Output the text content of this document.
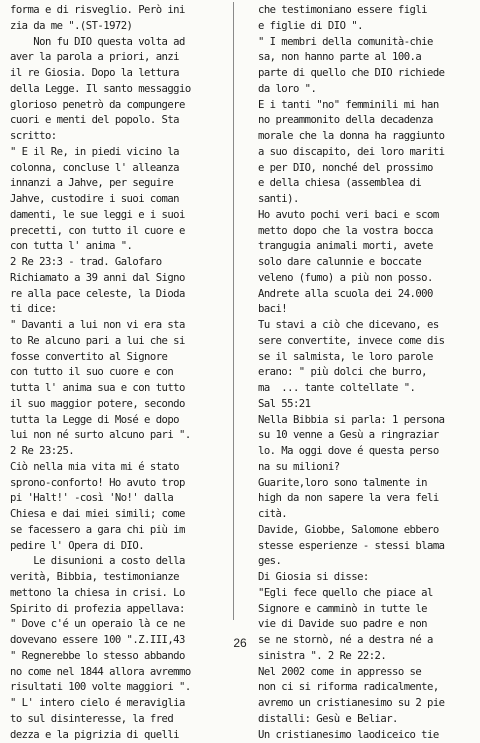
forma e di risveglio. Però ini
zia da me ".(ST-1972)
Non fu DIO questa volta ad
aver la parola a priori, anzi
il re Giosia. Dopo la lettura
della Legge. Il santo messaggio
glorioso penetrò da compungere
cuori e menti del popolo. Sta
scritto:
" E il Re, in piedi vicino la
colonna, concluse l' alleanza
innanzi a Jahve, per seguire
Jahve, custodire i suoi coman
damenti, le sue leggi e i suoi
precetti, con tutto il cuore e
con tutta l' anima ".
2 Re 23:3 - trad. Galofaro
Richiamato a 39 anni dal Signo
re alla pace celeste, la Dioda
ti dice:
" Davanti a lui non vi era sta
to Re alcuno pari a lui che si
fosse convertito al Signore
con tutto il suo cuore e con
tutta l' anima sua e con tutto
il suo maggior potere, secondo
tutta la Legge di Mosé e dopo
lui non né surto alcuno pari ".
2 Re 23:25.
Ciò nella mia vita mi é stato
sprono-conforto! Ho avuto trop
pi 'Halt!' -così 'No!' dalla
Chiesa e dai miei simili; come
se facessero a gara chi più im
pedire l' Opera di DIO.
Le disunioni a costo della
verità, Bibbia, testimonianze
mettono la chiesa in crisi. Lo
Spirito di profezia appellava:
" Dove c'é un operaio là ce ne
dovevano essere 100 ".Z.III,43
" Regnerebbe lo stesso abbando
no come nel 1844 allora avremmo
risultati 100 volte maggiori ".
" L' intero cielo é meraviglia
to sul disinteresse, la fred
dezza e la pigrizia di quelli
che testimoniano essere figli
e figlie di DIO ".
" I membri della comunità-chie
sa, non hanno parte al 100.a
parte di quello che DIO richiede
da loro ".
E i tanti "no" femminili mi han
no preammonito della decadenza
morale che la donna ha raggiunto
a suo discapito, dei loro mariti
e per DIO, nonché del prossimo
e della chiesa (assemblea di
santi).
Ho avuto pochi veri baci e scom
metto dopo che la vostra bocca
trangugia animali morti, avete
solo dare calunnie e boccate
veleno (fumo) a più non posso.
Andrete alla scuola dei 24.000
baci!
Tu stavi a ciò che dicevano, es
sere convertite, invece come dis
se il salmista, le loro parole
erano: " più dolci che burro,
ma  ... tante coltellate ".
Sal 55:21
Nella Bibbia si parla: 1 persona
su 10 venne a Gesù a ringraziar
lo. Ma oggi dove é questa perso
na su milioni?
Guarite,loro sono talmente in
high da non sapere la vera feli
cità.
Davide, Giobbe, Salomone ebbero
stesse esperienze - stessi blama
ges.
Di Giosia si disse:
"Egli fece quello che piace al
Signore e camminò in tutte le
vie di Davide suo padre e non
se ne stornò, né a destra né a
sinistra ". 2 Re 22:2.
Nel 2002 come in appresso se
non ci si riforma radicalmente,
avremo un cristianesimo su 2 pie
distalli: Gesù e Beliar.
Un cristianesimo laodiceico tie
26
